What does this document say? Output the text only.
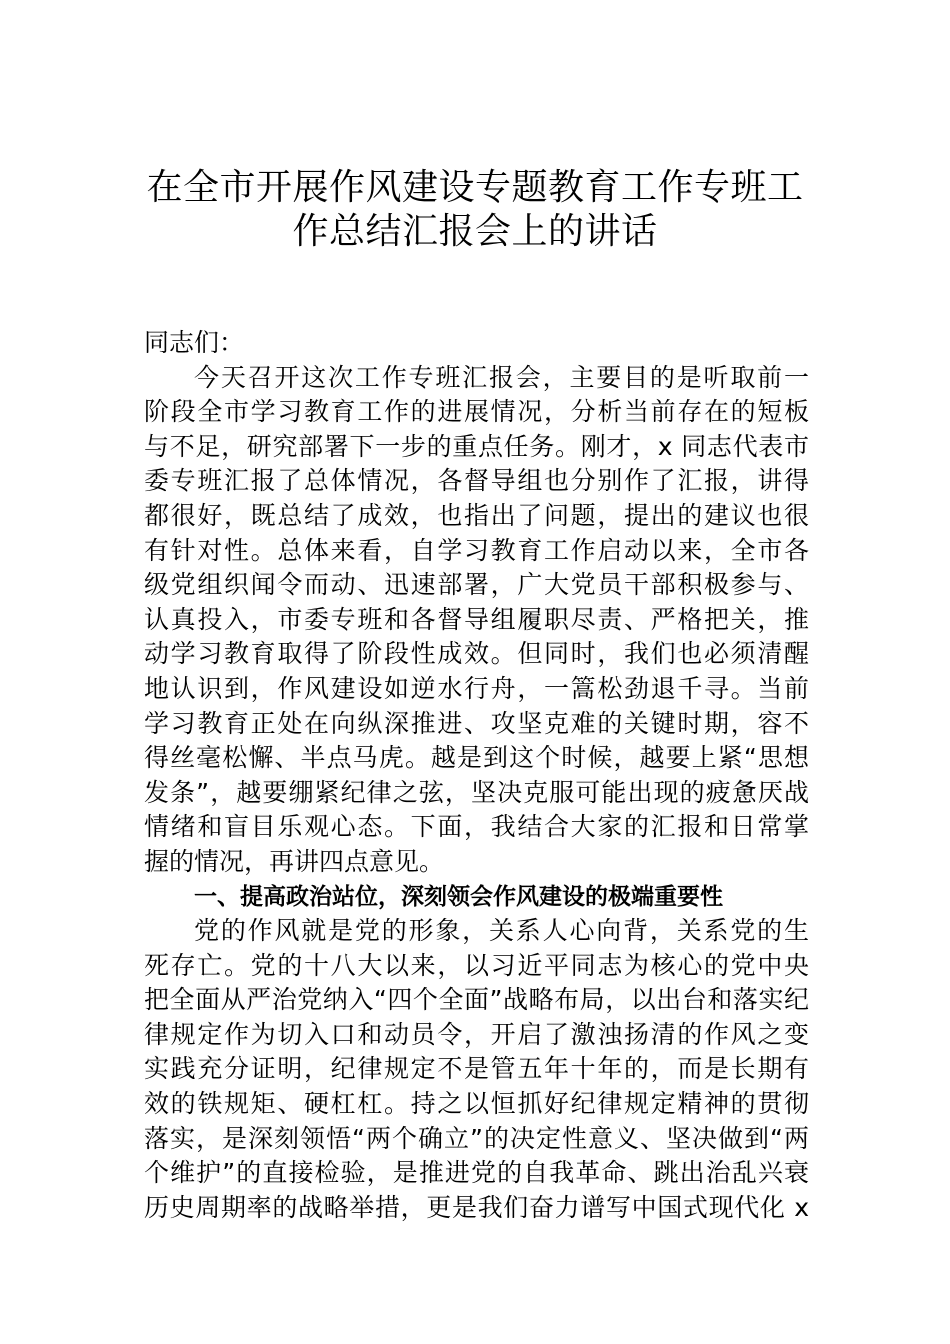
在全市开展作风建设专题教育工作专班工
作总结汇报会上的讲话
同志们：
今天召开这次工作专班汇报会，主要目的是听取前一
阶段全市学习教育工作的进展情况，分析当前存在的短板
与不足，研究部署下一步的重点任务。刚才，x 同志代表市
委专班汇报了总体情况，各督导组也分别作了汇报，讲得
都很好，既总结了成效，也指出了问题，提出的建议也很
有针对性。总体来看，自学习教育工作启动以来，全市各
级党组织闻令而动、迅速部署，广大党员干部积极参与、
认真投入，市委专班和各督导组履职尽责、严格把关，推
动学习教育取得了阶段性成效。但同时，我们也必须清醒
地认识到，作风建设如逆水行舟，一篙松劲退千寻。当前
学习教育正处在向纵深推进、攻坚克难的关键时期，容不
得丝毫松懈、半点马虎。越是到这个时候，越要上紧“思想
发条”，越要绷紧纪律之弦，坚决克服可能出现的疲惫厌战
情绪和盲目乐观心态。下面，我结合大家的汇报和日常掌
握的情况，再讲四点意见。
一、提高政治站位，深刻领会作风建设的极端重要性
党的作风就是党的形象，关系人心向背，关系党的生
死存亡。党的十八大以来，以习近平同志为核心的党中央
把全面从严治党纳入“四个全面”战略布局，以出台和落实纪
律规定作为切入口和动员令，开启了激浊扬清的作风之变
实践充分证明，纪律规定不是管五年十年的，而是长期有
效的铁规矩、硬杠杠。持之以恒抓好纪律规定精神的贯彻
落实，是深刻领悟“两个确立”的决定性意义、坚决做到“两
个维护”的直接检验，是推进党的自我革命、跳出治乱兴衰
历史周期率的战略举措，更是我们奋力谱写中国式现代化 x
